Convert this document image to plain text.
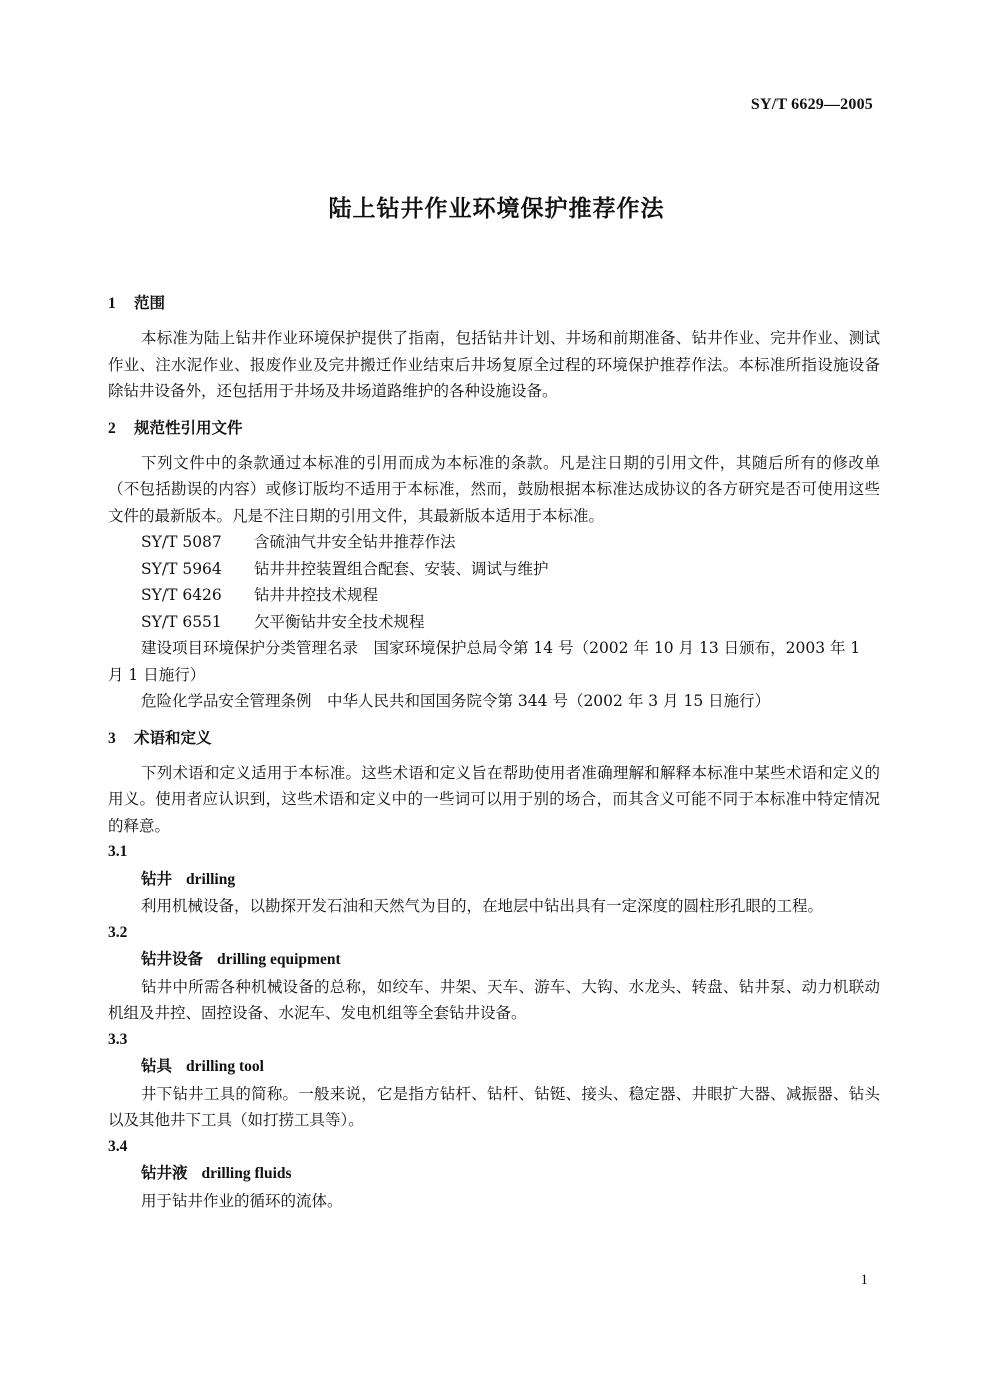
SY/T 6629—2005
陆上钻井作业环境保护推荐作法
1 范围

本标准为陆上钻井作业环境保护提供了指南，包括钻井计划、井场和前期准备、钻井作业、完井作业、测试作业、注水泥作业、报废作业及完井搬迁作业结束后井场复原全过程的环境保护推荐作法。本标准所指设施设备除钻井设备外，还包括用于井场及井场道路维护的各种设施设备。

2 规范性引用文件

下列文件中的条款通过本标准的引用而成为本标准的条款。凡是注日期的引用文件，其随后所有的修改单（不包括勘误的内容）或修订版均不适用于本标准，然而，鼓励根据本标准达成协议的各方研究是否可使用这些文件的最新版本。凡是不注日期的引用文件，其最新版本适用于本标准。

SY/T 5087 含硫油气井安全钻井推荐作法

SY/T 5964 钻井井控装置组合配套、安装、调试与维护

SY/T 6426 钻井井控技术规程

SY/T 6551 欠平衡钻井安全技术规程

建设项目环境保护分类管理名录　国家环境保护总局令第 14 号（2002 年 10 月 13 日颁布，2003 年 1 月 1 日施行）

危险化学品安全管理条例　中华人民共和国国务院令第 344 号（2002 年 3 月 15 日施行）

3 术语和定义

下列术语和定义适用于本标准。这些术语和定义旨在帮助使用者准确理解和解释本标准中某些术语和定义的用义。使用者应认识到，这些术语和定义中的一些词可以用于别的场合，而其含义可能不同于本标准中特定情况的释意。

3.1

钻井 drilling

利用机械设备，以勘探开发石油和天然气为目的，在地层中钻出具有一定深度的圆柱形孔眼的工程。

3.2

钻井设备 drilling equipment

钻井中所需各种机械设备的总称，如绞车、井架、天车、游车、大钩、水龙头、转盘、钻井泵、动力机联动机组及井控、固控设备、水泥车、发电机组等全套钻井设备。

3.3

钻具 drilling tool

井下钻井工具的简称。一般来说，它是指方钻杆、钻杆、钻铤、接头、稳定器、井眼扩大器、减振器、钻头以及其他井下工具（如打捞工具等）。

3.4

钻井液 drilling fluids

用于钻井作业的循环的流体。

1
